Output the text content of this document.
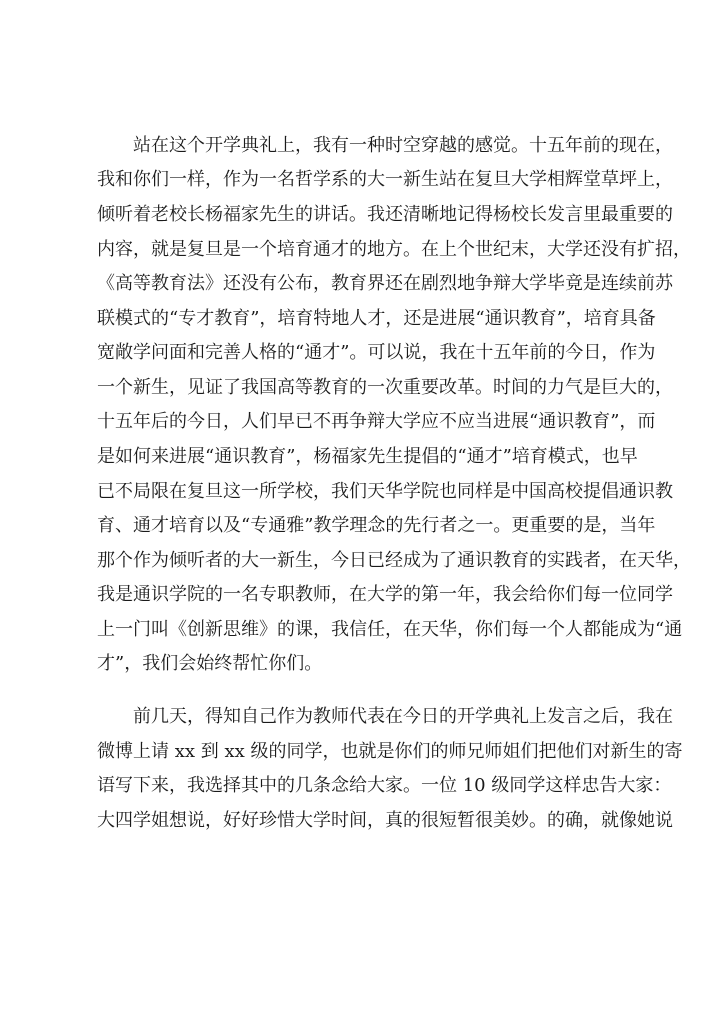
站在这个开学典礼上，我有一种时空穿越的感觉。十五年前的现在，

我和你们一样，作为一名哲学系的大一新生站在复旦大学相辉堂草坪上，

倾听着老校长杨福家先生的讲话。我还清晰地记得杨校长发言里最重要的

内容，就是复旦是一个培育通才的地方。在上个世纪末，大学还没有扩招，

《高等教育法》还没有公布，教育界还在剧烈地争辩大学毕竟是连续前苏

联模式的“专才教育”，培育特地人才，还是进展“通识教育”，培育具备

宽敞学问面和完善人格的“通才”。可以说，我在十五年前的今日，作为

一个新生，见证了我国高等教育的一次重要改革。时间的力气是巨大的，

十五年后的今日，人们早已不再争辩大学应不应当进展“通识教育”，而

是如何来进展“通识教育”，杨福家先生提倡的“通才”培育模式，也早

已不局限在复旦这一所学校，我们天华学院也同样是中国高校提倡通识教

育、通才培育以及“专通雅”教学理念的先行者之一。更重要的是，当年

那个作为倾听者的大一新生，今日已经成为了通识教育的实践者，在天华，

我是通识学院的一名专职教师，在大学的第一年，我会给你们每一位同学

上一门叫《创新思维》的课，我信任，在天华，你们每一个人都能成为“通

才”，我们会始终帮忙你们。

前几天，得知自己作为教师代表在今日的开学典礼上发言之后，我在

微博上请 xx 到 xx 级的同学，也就是你们的师兄师姐们把他们对新生的寄

语写下来，我选择其中的几条念给大家。一位 10 级同学这样忠告大家：

大四学姐想说，好好珍惜大学时间，真的很短暂很美妙。的确，就像她说
